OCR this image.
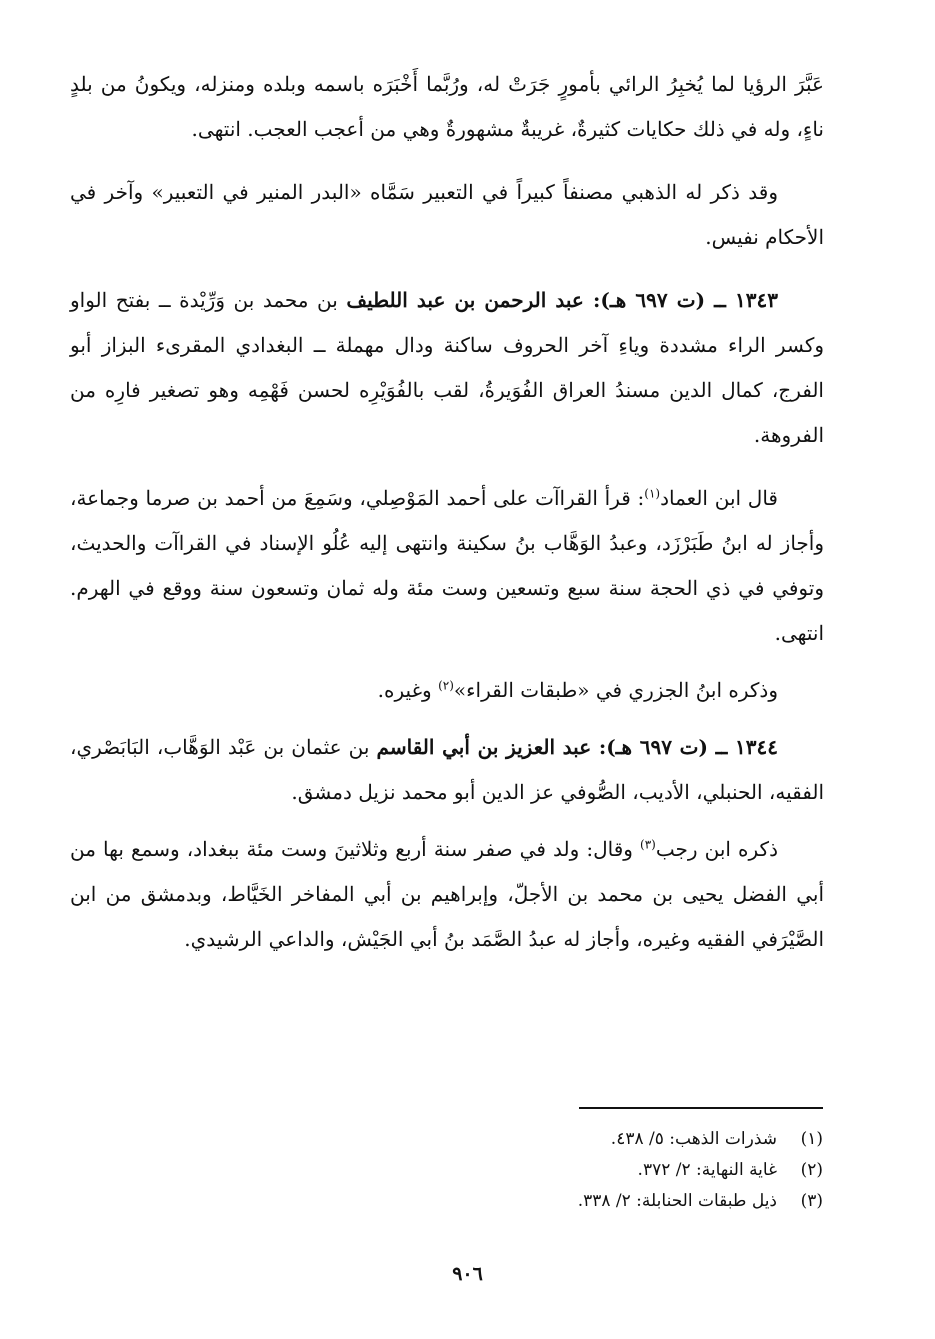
عَبَّرَ الرؤيا لما يُخبِرُ الرائي بأمورٍ جَرَتْ له، ورُبَّما أَخْبَرَه باسمه وبلده ومنزله، ويكونُ من بلدٍ ناءٍ، وله في ذلك حكايات كثيرةٌ، غريبةٌ مشهورةٌ وهي من أعجب العجب. انتهى.

وقد ذكر له الذهبي مصنفاً كبيراً في التعبير سَمَّاه «البدر المنير في التعبير» وآخر في الأحكام نفيس.

١٣٤٣ ــ (ت ٦٩٧ هـ): عبد الرحمن بن عبد اللطيف بن محمد بن وَرِّيْدة ــ بفتح الواو وكسر الراء مشددة وياءِ آخر الحروف ساكنة ودال مهملة ــ البغدادي المقرىء البزاز أبو الفرج، كمال الدين مسندُ العراق الفُوَيرةُ، لقب بالفُوَيْرِه لحسن فَهْمِه وهو تصغير فارِه من الفروهة.

قال ابن العماد$^{(١)}$: قرأ القراآت على أحمد المَوْصِلي، وسَمِعَ من أحمد بن صرما وجماعة، وأجاز له ابنُ طَبَرْزَد، وعبدُ الوَهَّاب بنُ سكينة وانتهى إليه عُلُو الإسناد في القراآت والحديث، وتوفي في ذي الحجة سنة سبع وتسعين وست مئة وله ثمان وتسعون سنة ووقع في الهرم. انتهى.

وذكره ابنُ الجزري في «طبقات القراء»$^{(٢)}$ وغيره.

١٣٤٤ ــ (ت ٦٩٧ هـ): عبد العزيز بن أبي القاسم بن عثمان بن عَبْد الوَهَّاب، البَابَصْري، الفقيه، الحنبلي، الأديب، الصُّوفي عز الدين أبو محمد نزيل دمشق.

ذكره ابن رجب$^{(٣)}$ وقال: ولد في صفر سنة أربع وثلاثينَ وست مئة ببغداد، وسمع بها من أبي الفضل يحيى بن محمد بن الأجلّ، وإبراهيم بن أبي المفاخر الخَيَّاط، وبدمشق من ابن الصَّيْرَفي الفقيه وغيره، وأجاز له عبدُ الصَّمَد بنُ أبي الجَيْش، والداعي الرشيدي.

(١)شذرات الذهب: ٥/ ٤٣٨.
(٢)غاية النهاية: ٢/ ٣٧٢.
(٣)ذيل طبقات الحنابلة: ٢/ ٣٣٨.
٩٠٦
